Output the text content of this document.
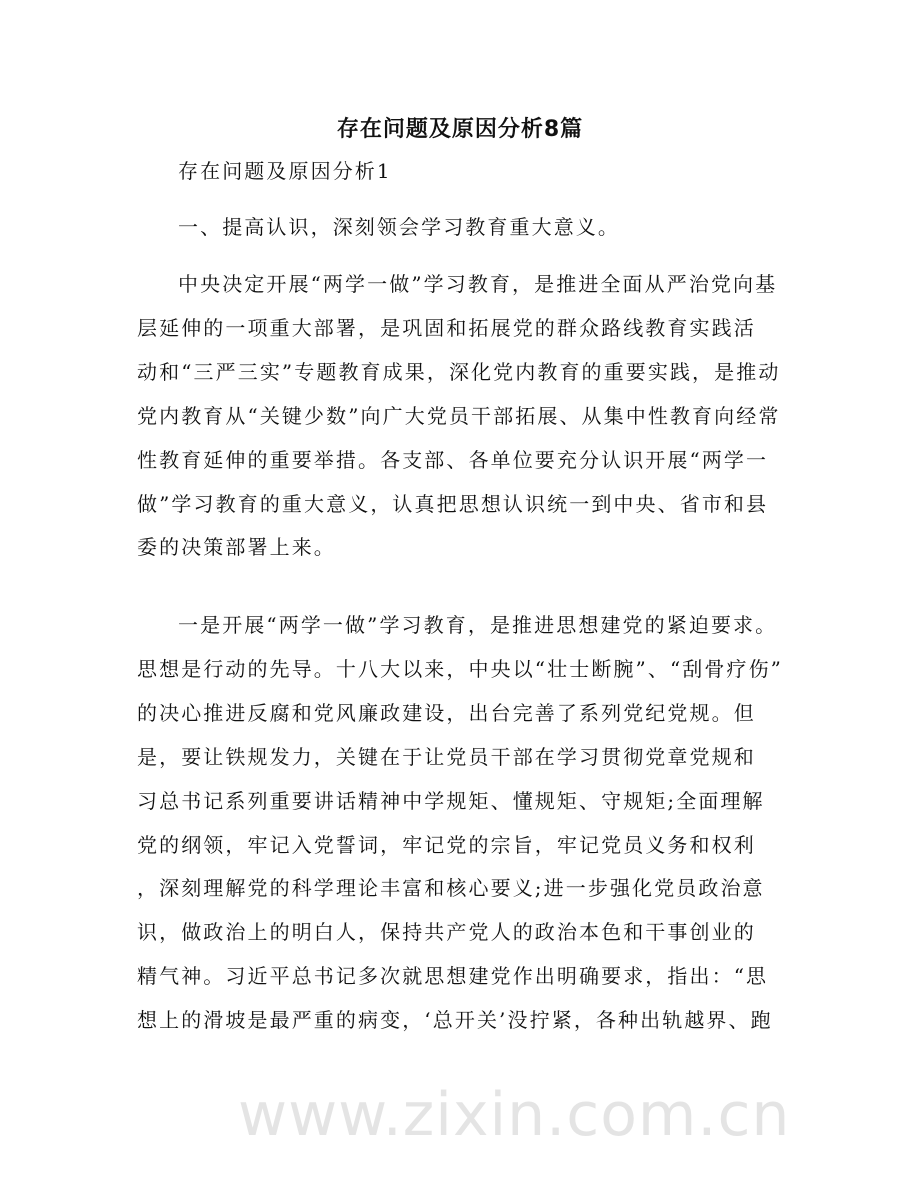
www.zixin.com.cn
存在问题及原因分析8篇
存在问题及原因分析1
一、提高认识，深刻领会学习教育重大意义。
中央决定开展“两学一做”学习教育，是推进全面从严治党向基
层延伸的一项重大部署，是巩固和拓展党的群众路线教育实践活
动和“三严三实”专题教育成果，深化党内教育的重要实践，是推动
党内教育从“关键少数”向广大党员干部拓展、从集中性教育向经常
性教育延伸的重要举措。各支部、各单位要充分认识开展“两学一
做”学习教育的重大意义，认真把思想认识统一到中央、省市和县
委的决策部署上来。
一是开展“两学一做”学习教育，是推进思想建党的紧迫要求。
思想是行动的先导。十八大以来，中央以“壮士断腕”、“刮骨疗伤”
的决心推进反腐和党风廉政建设，出台完善了系列党纪党规。但
是，要让铁规发力，关键在于让党员干部在学习贯彻党章党规和
习总书记系列重要讲话精神中学规矩、懂规矩、守规矩;全面理解
党的纲领，牢记入党誓词，牢记党的宗旨，牢记党员义务和权利
，深刻理解党的科学理论丰富和核心要义;进一步强化党员政治意
识，做政治上的明白人，保持共产党人的政治本色和干事创业的
精气神。习近平总书记多次就思想建党作出明确要求，指出：“思
想上的滑坡是最严重的病变，‘总开关’没拧紧，各种出轨越界、跑
